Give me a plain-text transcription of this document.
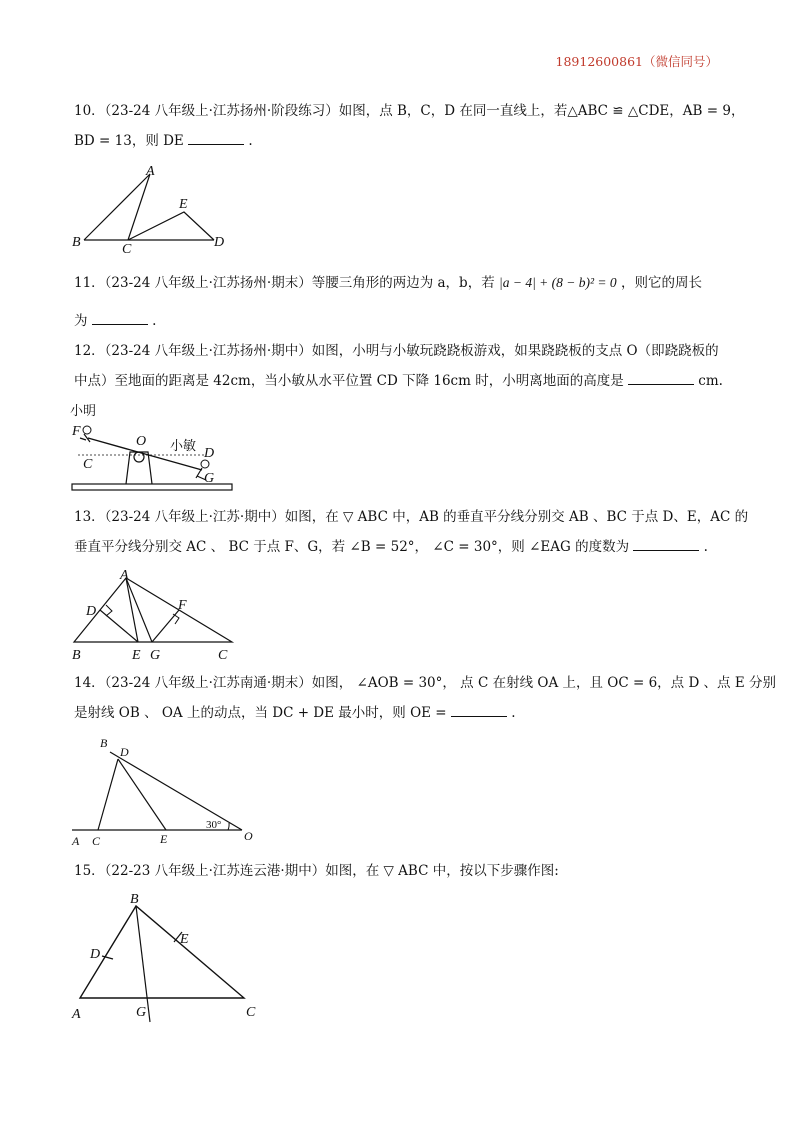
18912600861（微信同号）
10．（23-24 八年级上·江苏扬州·阶段练习）如图，点 B，C，D 在同一直线上，若△ABC ≌ △CDE，AB = 9，
BD = 13，则 DE	.
A
B	C
E
D
11．（23-24 八年级上·江苏扬州·期末）等腰三角形的两边为 a，b，若 |a − 4| + (8 − b)² = 0 ，则它的周长
为	.
12．（23-24 八年级上·江苏扬州·期中）如图，小明与小敏玩跷跷板游戏，如果跷跷板的支点 O（即跷跷板的
中点）至地面的距离是 42cm，当小敏从水平位置 CD 下降 16cm 时，小明离地面的高度是	cm.
小明
F
C
O 小敏 D
G
13．（23-24 八年级上·江苏·期中）如图，在 ▽ ABC 中，AB 的垂直平分线分别交 AB 、BC 于点 D、E，AC 的
垂直平分线分别交 AC 、 BC 于点 F、G，若 ∠B = 52°， ∠C = 30°，则 ∠EAG 的度数为	.
A
D	F
B	E G	C
14．（23-24 八年级上·江苏南通·期末）如图， ∠AOB = 30°， 点 C 在射线 OA 上，且 OC = 6，点 D 、点 E 分别
是射线 OB 、 OA 上的动点，当 DC + DE 最小时，则 OE =	.
B
D
A C	E
30°
O
15．（22-23 八年级上·江苏连云港·期中）如图，在 ▽ ABC 中，按以下步骤作图:
B
D
E
A	G	C
